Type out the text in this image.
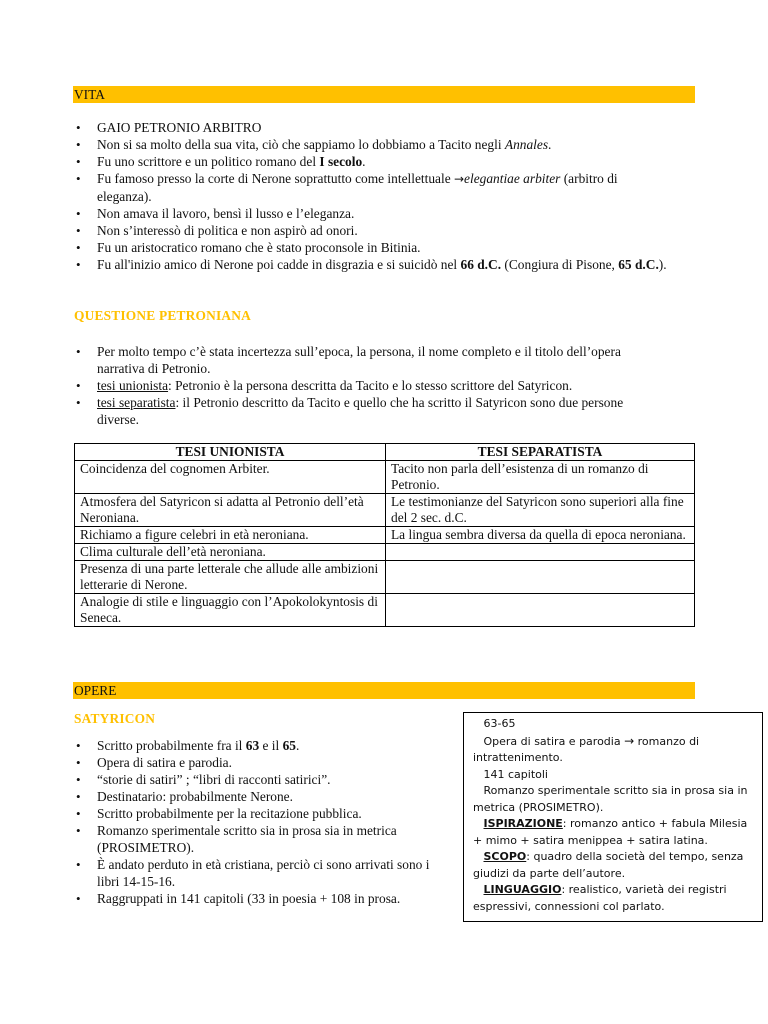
VITA
• GAIO PETRONIO ARBITRO
• Non si sa molto della sua vita, ciò che sappiamo lo dobbiamo a Tacito negli Annales.
• Fu uno scrittore e un politico romano del I secolo.
• Fu famoso presso la corte di Nerone soprattutto come intellettuale →elegantiae arbiter (arbitro di eleganza).
• Non amava il lavoro, bensì il lusso e l’eleganza.
• Non s’interessò di politica e non aspirò ad onori.
• Fu un aristocratico romano che è stato proconsole in Bitinia.
• Fu all'inizio amico di Nerone poi cadde in disgrazia e si suicidò nel 66 d.C. (Congiura di Pisone, 65 d.C.).
QUESTIONE PETRONIANA
• Per molto tempo c’è stata incertezza sull’epoca, la persona, il nome completo e il titolo dell’opera narrativa di Petronio.
• tesi unionista: Petronio è la persona descritta da Tacito e lo stesso scrittore del Satyricon.
• tesi separatista: il Petronio descritto da Tacito e quello che ha scritto il Satyricon sono due persone diverse.
TESI UNIONISTA	TESI SEPARATISTA
Coincidenza del cognomen Arbiter.	Tacito non parla dell’esistenza di un romanzo di Petronio.
Atmosfera del Satyricon si adatta al Petronio dell’età Neroniana.	Le testimonianze del Satyricon sono superiori alla fine del 2 sec. d.C.
Richiamo a figure celebri in età neroniana.	La lingua sembra diversa da quella di epoca neroniana.
Clima culturale dell’età neroniana.	
Presenza di una parte letterale che allude alle ambizioni letterarie di Nerone.	
Analogie di stile e linguaggio con l’Apokolokyntosis di Seneca.	
OPERE
SATYRICON
• Scritto probabilmente fra il 63 e il 65.
• Opera di satira e parodia.
• “storie di satiri” ; “libri di racconti satirici”.
• Destinatario: probabilmente Nerone.
• Scritto probabilmente per la recitazione pubblica.
• Romanzo sperimentale scritto sia in prosa sia in metrica (PROSIMETRO).
• È andato perduto in età cristiana, perciò ci sono arrivati sono i libri 14-15-16.
• Raggruppati in 141 capitoli (33 in poesia + 108 in prosa.
63-65
Opera di satira e parodia → romanzo di intrattenimento.
141 capitoli
Romanzo sperimentale scritto sia in prosa sia in metrica (PROSIMETRO).
ISPIRAZIONE: romanzo antico + fabula Milesia + mimo + satira menippea + satira latina.
SCOPO: quadro della società del tempo, senza giudizi da parte dell’autore.
LINGUAGGIO: realistico, varietà dei registri espressivi, connessioni col parlato.
